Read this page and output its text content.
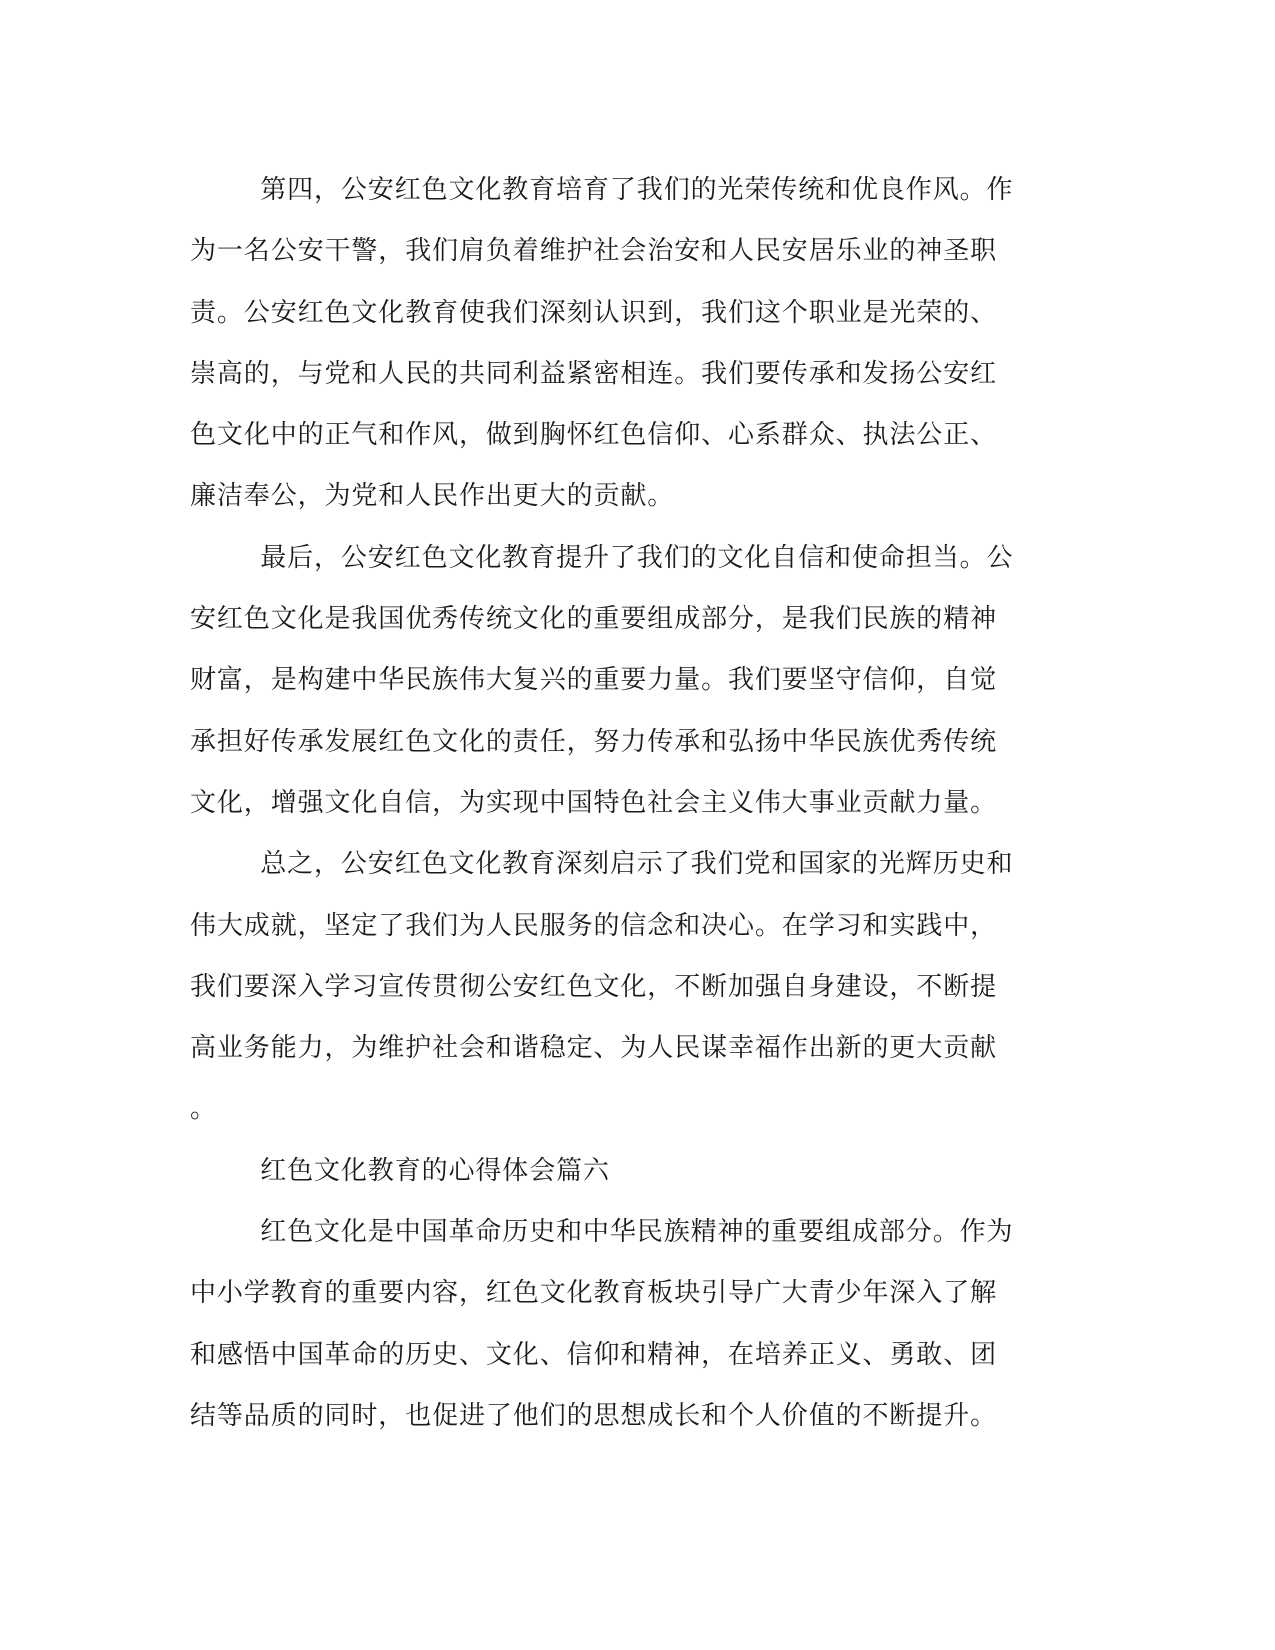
第四，公安红色文化教育培育了我们的光荣传统和优良作风。作
为一名公安干警，我们肩负着维护社会治安和人民安居乐业的神圣职
责。公安红色文化教育使我们深刻认识到，我们这个职业是光荣的、
崇高的，与党和人民的共同利益紧密相连。我们要传承和发扬公安红
色文化中的正气和作风，做到胸怀红色信仰、心系群众、执法公正、
廉洁奉公，为党和人民作出更大的贡献。

最后，公安红色文化教育提升了我们的文化自信和使命担当。公
安红色文化是我国优秀传统文化的重要组成部分，是我们民族的精神
财富，是构建中华民族伟大复兴的重要力量。我们要坚守信仰，自觉
承担好传承发展红色文化的责任，努力传承和弘扬中华民族优秀传统
文化，增强文化自信，为实现中国特色社会主义伟大事业贡献力量。

总之，公安红色文化教育深刻启示了我们党和国家的光辉历史和
伟大成就，坚定了我们为人民服务的信念和决心。在学习和实践中，
我们要深入学习宣传贯彻公安红色文化，不断加强自身建设，不断提
高业务能力，为维护社会和谐稳定、为人民谋幸福作出新的更大贡献
。

红色文化教育的心得体会篇六

红色文化是中国革命历史和中华民族精神的重要组成部分。作为
中小学教育的重要内容，红色文化教育板块引导广大青少年深入了解
和感悟中国革命的历史、文化、信仰和精神，在培养正义、勇敢、团
结等品质的同时，也促进了他们的思想成长和个人价值的不断提升。
